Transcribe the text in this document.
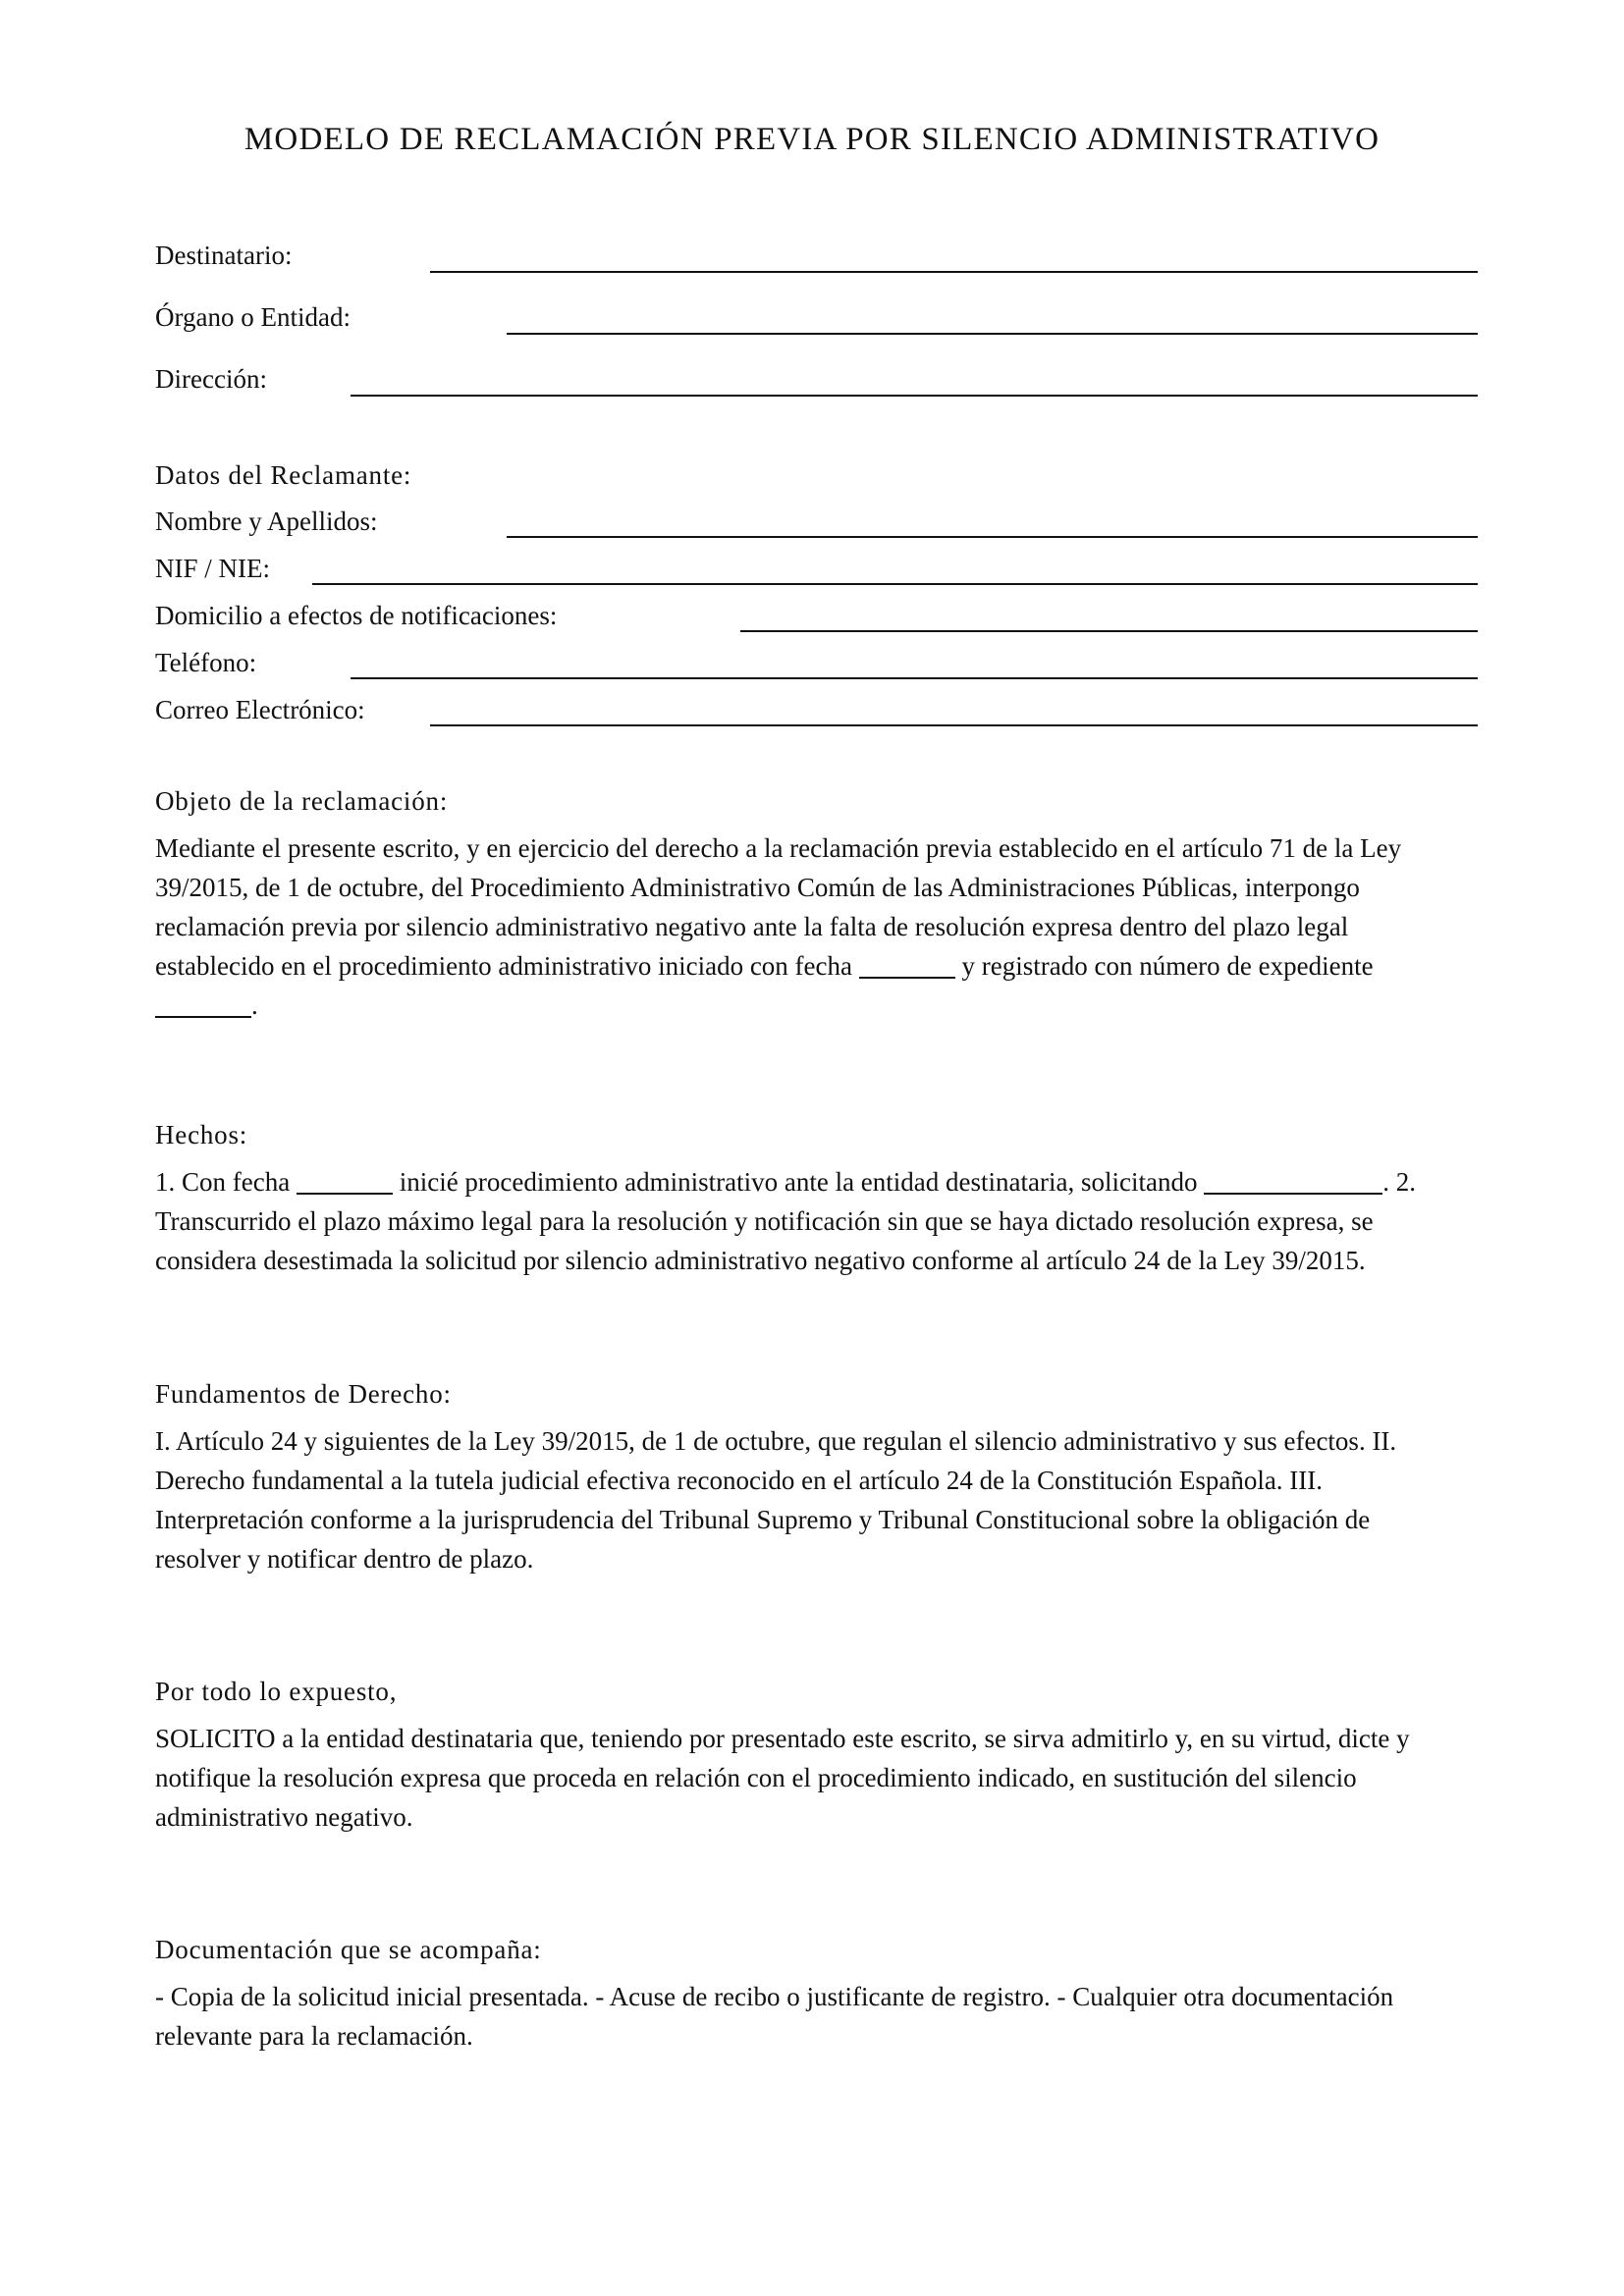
MODELO DE RECLAMACIÓN PREVIA POR SILENCIO ADMINISTRATIVO
Destinatario:
Órgano o Entidad:
Dirección:
Datos del Reclamante:
Nombre y Apellidos:
NIF / NIE:
Domicilio a efectos de notificaciones:
Teléfono:
Correo Electrónico:
Objeto de la reclamación:
Mediante el presente escrito, y en ejercicio del derecho a la reclamación previa establecido en el artículo 71 de la Ley
39/2015, de 1 de octubre, del Procedimiento Administrativo Común de las Administraciones Públicas, interpongo
reclamación previa por silencio administrativo negativo ante la falta de resolución expresa dentro del plazo legal
establecido en el procedimiento administrativo iniciado con fecha	y registrado con número de expediente
.
Hechos:
1. Con fecha	inicié procedimiento administrativo ante la entidad destinataria, solicitando	. 2.
Transcurrido el plazo máximo legal para la resolución y notificación sin que se haya dictado resolución expresa, se
considera desestimada la solicitud por silencio administrativo negativo conforme al artículo 24 de la Ley 39/2015.
Fundamentos de Derecho:
I. Artículo 24 y siguientes de la Ley 39/2015, de 1 de octubre, que regulan el silencio administrativo y sus efectos. II.
Derecho fundamental a la tutela judicial efectiva reconocido en el artículo 24 de la Constitución Española. III.
Interpretación conforme a la jurisprudencia del Tribunal Supremo y Tribunal Constitucional sobre la obligación de
resolver y notificar dentro de plazo.
Por todo lo expuesto,
SOLICITO a la entidad destinataria que, teniendo por presentado este escrito, se sirva admitirlo y, en su virtud, dicte y
notifique la resolución expresa que proceda en relación con el procedimiento indicado, en sustitución del silencio
administrativo negativo.
Documentación que se acompaña:
- Copia de la solicitud inicial presentada. - Acuse de recibo o justificante de registro. - Cualquier otra documentación
relevante para la reclamación.
